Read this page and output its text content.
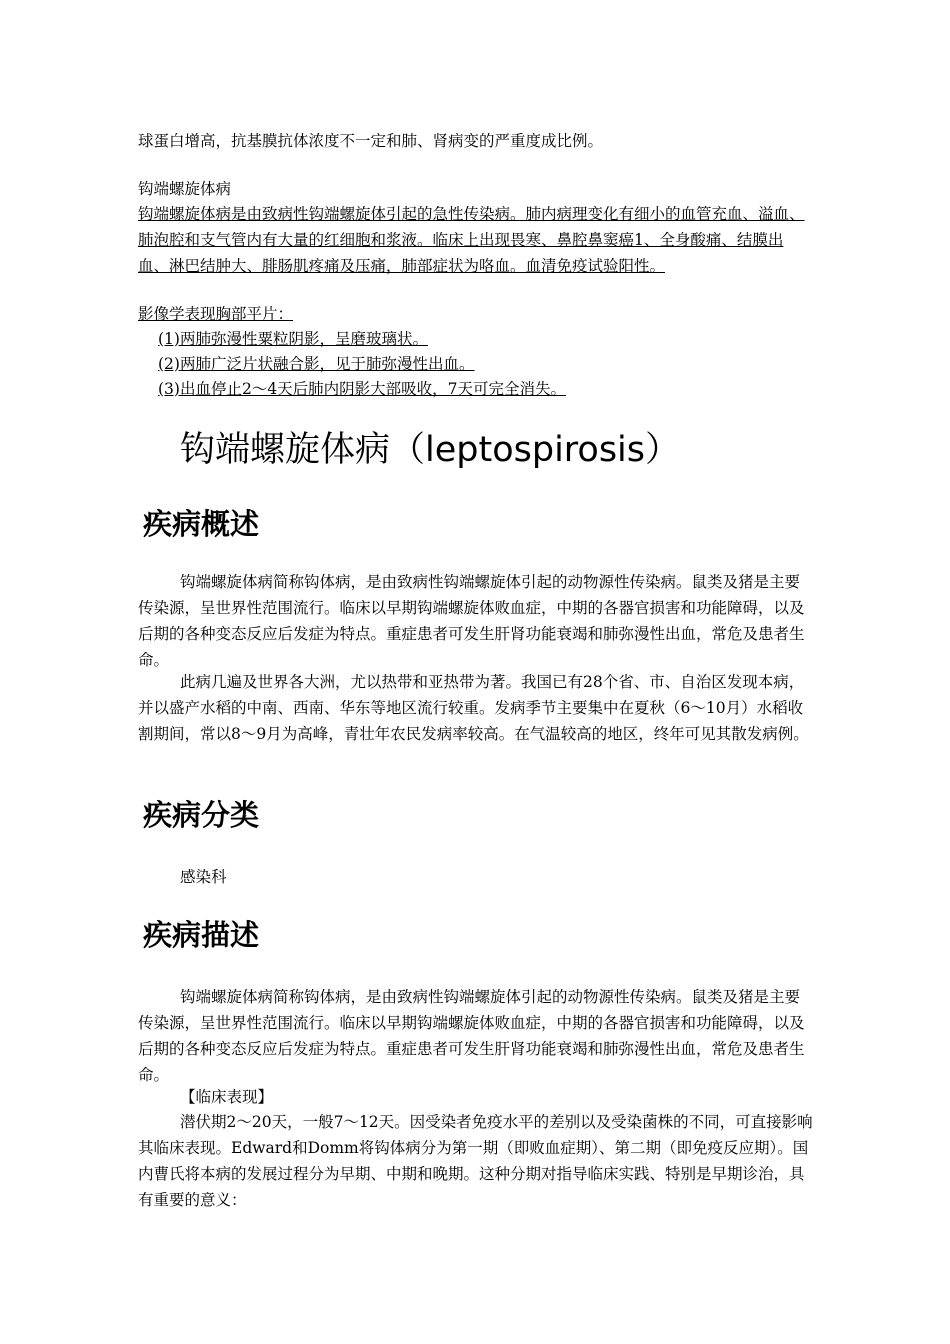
球蛋白增高，抗基膜抗体浓度不一定和肺、肾病变的严重度成比例。

钩端螺旋体病

钩端螺旋体病是由致病性钩端螺旋体引起的急性传染病。肺内病理变化有细小的血管充血、溢血、肺泡腔和支气管内有大量的红细胞和浆液。临床上出现畏寒、鼻腔鼻窦癌1、全身酸痛、结膜出血、淋巴结肿大、腓肠肌疼痛及压痛，肺部症状为咯血。血清免疫试验阳性。

影像学表现胸部平片：

(1)两肺弥漫性粟粒阴影，呈磨玻璃状。

(2)两肺广泛片状融合影，见于肺弥漫性出血。

(3)出血停止2～4天后肺内阴影大部吸收，7天可完全消失。

钩端螺旋体病（leptospirosis）
疾病概述

钩端螺旋体病简称钩体病，是由致病性钩端螺旋体引起的动物源性传染病。鼠类及猪是主要传染源，呈世界性范围流行。临床以早期钩端螺旋体败血症，中期的各器官损害和功能障碍，以及后期的各种变态反应后发症为特点。重症患者可发生肝肾功能衰竭和肺弥漫性出血，常危及患者生命。

此病几遍及世界各大洲，尤以热带和亚热带为著。我国已有28个省、市、自治区发现本病，并以盛产水稻的中南、西南、华东等地区流行较重。发病季节主要集中在夏秋（6～10月）水稻收割期间，常以8～9月为高峰，青壮年农民发病率较高。在气温较高的地区，终年可见其散发病例。

疾病分类

感染科

疾病描述

钩端螺旋体病简称钩体病，是由致病性钩端螺旋体引起的动物源性传染病。鼠类及猪是主要传染源，呈世界性范围流行。临床以早期钩端螺旋体败血症，中期的各器官损害和功能障碍，以及后期的各种变态反应后发症为特点。重症患者可发生肝肾功能衰竭和肺弥漫性出血，常危及患者生命。

【临床表现】

潜伏期2～20天，一般7～12天。因受染者免疫水平的差别以及受染菌株的不同，可直接影响其临床表现。Edward和Domm将钩体病分为第一期（即败血症期）、第二期（即免疫反应期）。国内曹氏将本病的发展过程分为早期、中期和晚期。这种分期对指导临床实践、特别是早期诊治，具有重要的意义：
